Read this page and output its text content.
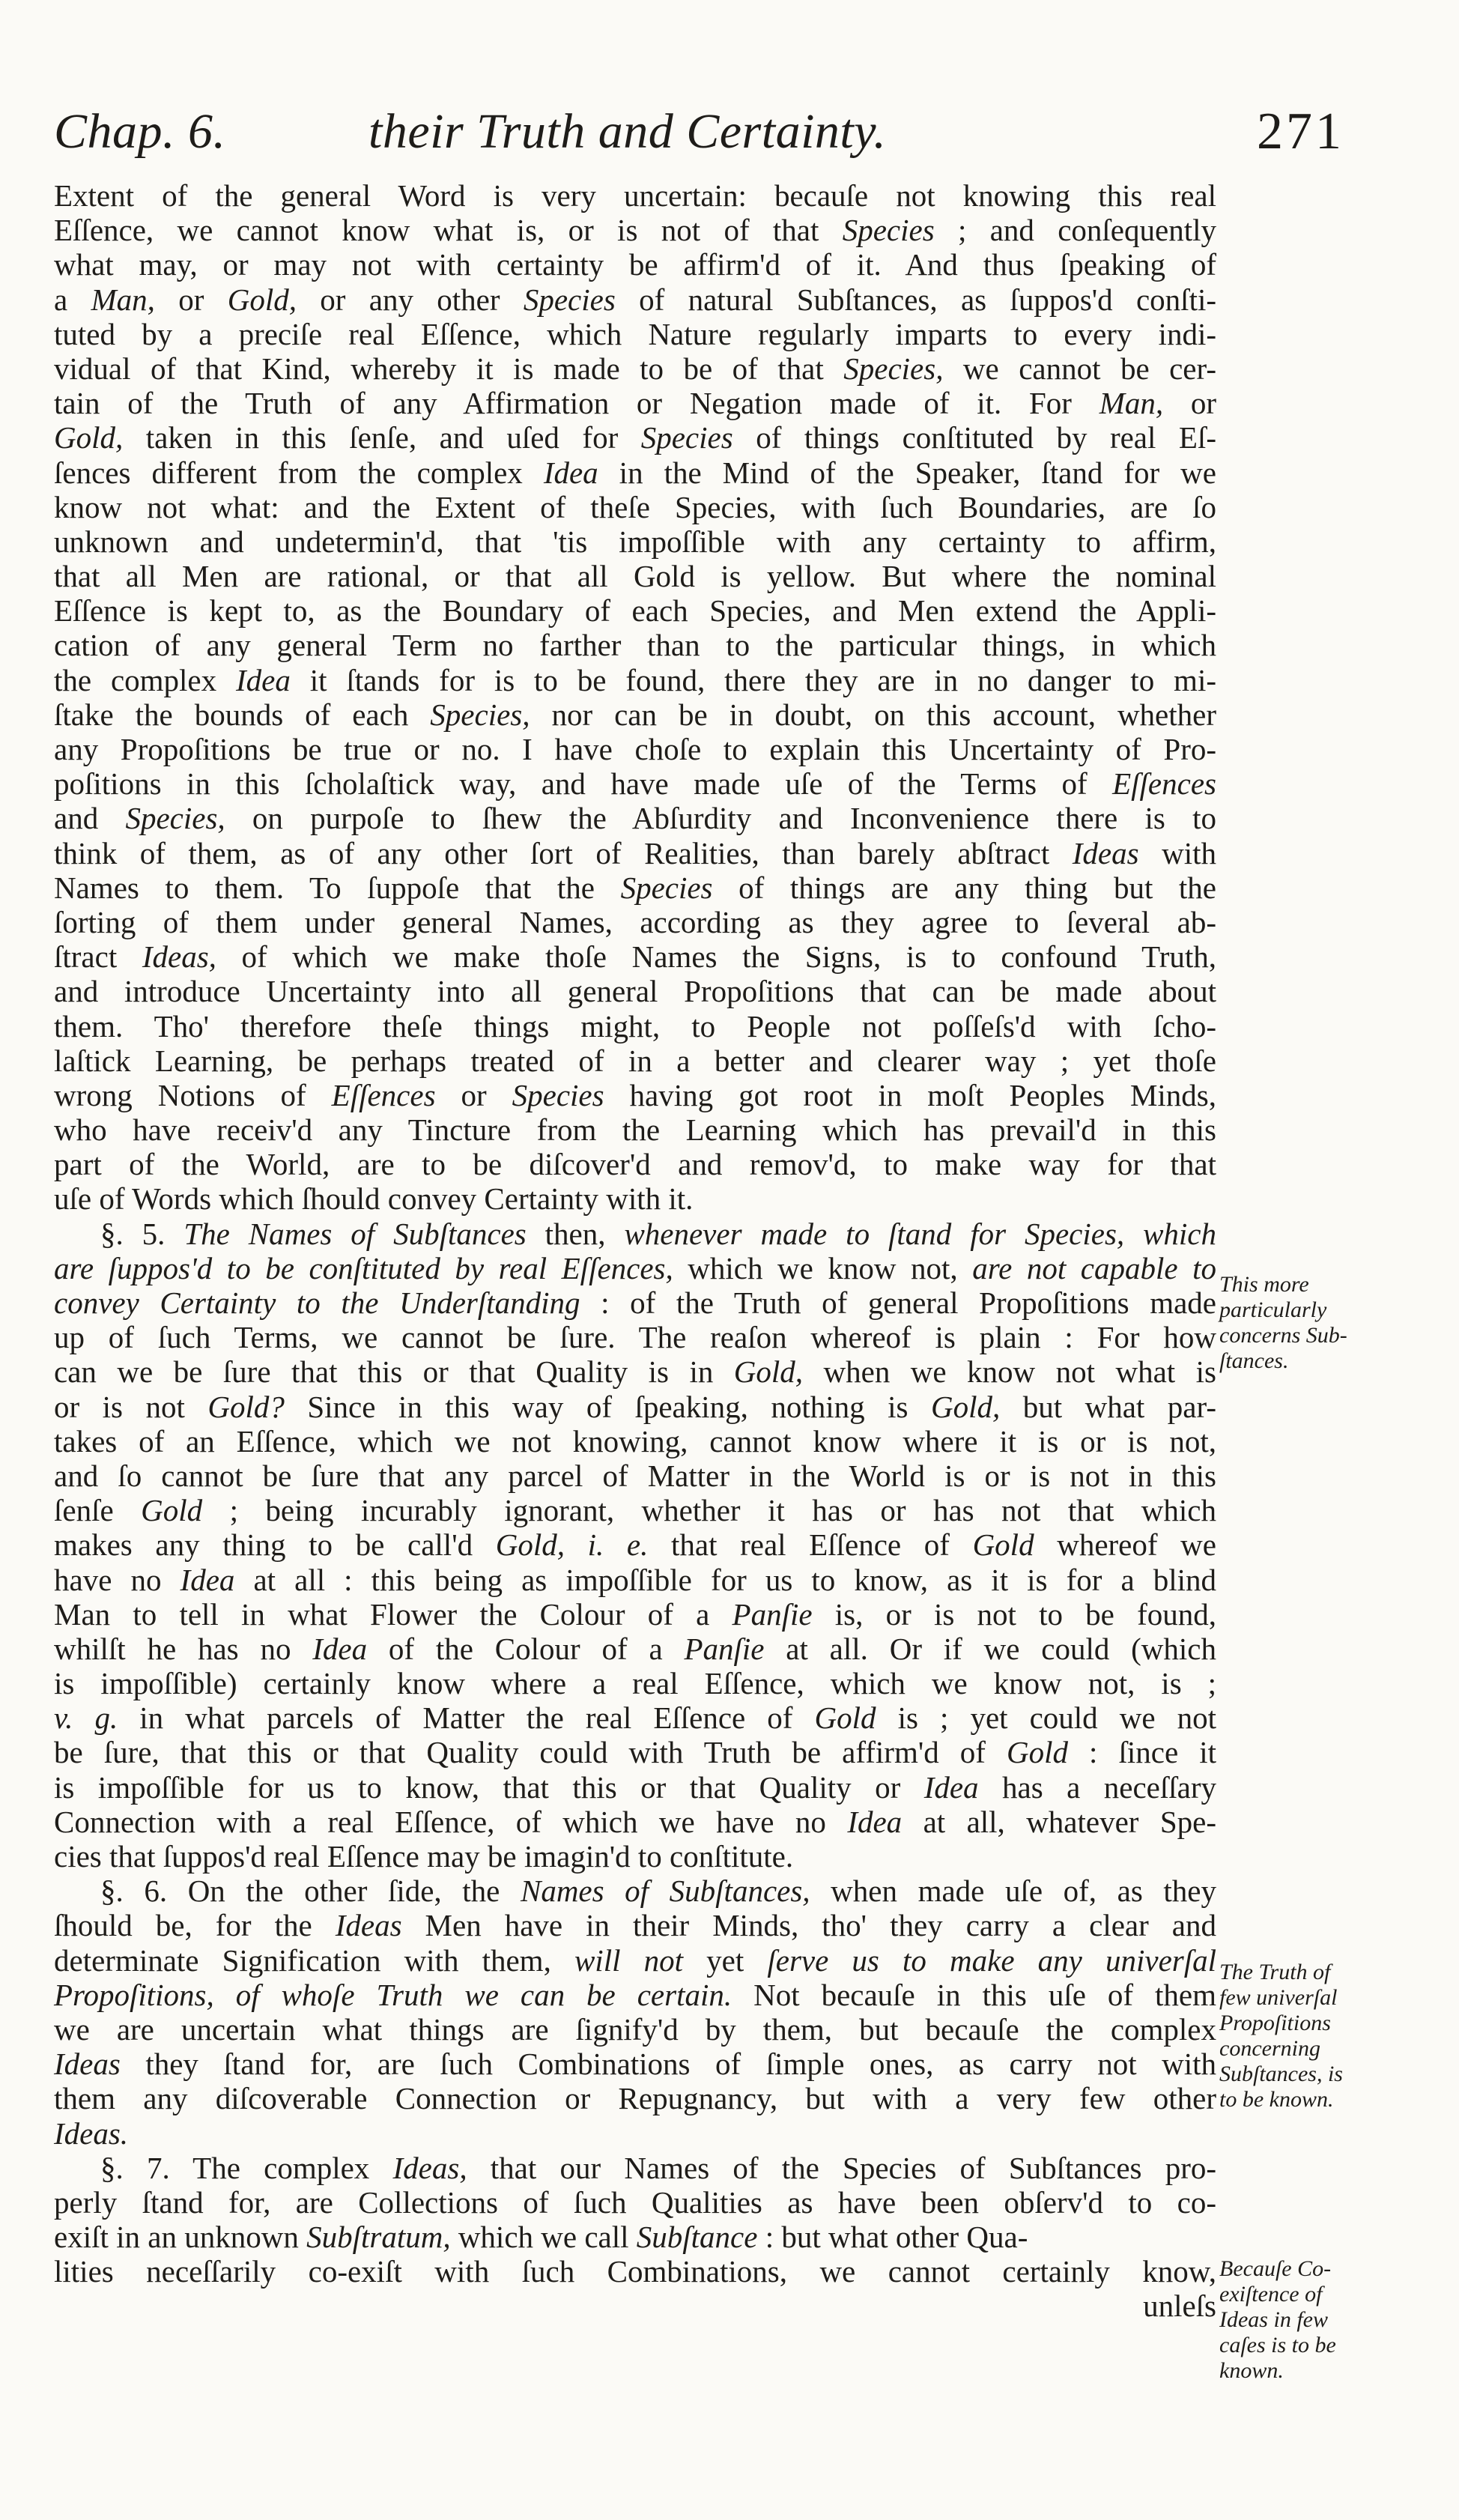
Chap. 6.	their Truth and Certainty.	271
Extent of the general Word is very uncertain: becauſe not knowing this real
Eſſence, we cannot know what is, or is not of that Species ; and conſequently
what may, or may not with certainty be affirm'd of it. And thus ſpeaking of
a Man, or Gold, or any other Species of natural Subſtances, as ſuppos'd conſti-
tuted by a preciſe real Eſſence, which Nature regularly imparts to every indi-
vidual of that Kind, whereby it is made to be of that Species, we cannot be cer-
tain of the Truth of any Affirmation or Negation made of it. For Man, or
Gold, taken in this ſenſe, and uſed for Species of things conſtituted by real Eſ-
ſences different from the complex Idea in the Mind of the Speaker, ſtand for we
know not what: and the Extent of theſe Species, with ſuch Boundaries, are ſo
unknown and undetermin'd, that 'tis impoſſible with any certainty to affirm,
that all Men are rational, or that all Gold is yellow. But where the nominal
Eſſence is kept to, as the Boundary of each Species, and Men extend the Appli-
cation of any general Term no farther than to the particular things, in which
the complex Idea it ſtands for is to be found, there they are in no danger to mi-
ſtake the bounds of each Species, nor can be in doubt, on this account, whether
any Propoſitions be true or no. I have choſe to explain this Uncertainty of Pro-
poſitions in this ſcholaſtick way, and have made uſe of the Terms of Eſſences
and Species, on purpoſe to ſhew the Abſurdity and Inconvenience there is to
think of them, as of any other ſort of Realities, than barely abſtract Ideas with
Names to them. To ſuppoſe that the Species of things are any thing but the
ſorting of them under general Names, according as they agree to ſeveral ab-
ſtract Ideas, of which we make thoſe Names the Signs, is to confound Truth,
and introduce Uncertainty into all general Propoſitions that can be made about
them. Tho' therefore theſe things might, to People not poſſeſs'd with ſcho-
laſtick Learning, be perhaps treated of in a better and clearer way ; yet thoſe
wrong Notions of Eſſences or Species having got root in moſt Peoples Minds,
who have receiv'd any Tincture from the Learning which has prevail'd in this
part of the World, are to be diſcover'd and remov'd, to make way for that
uſe of Words which ſhould convey Certainty with it.
§. 5. The Names of Subſtances then, whenever made to ſtand for Species, which
are ſuppos'd to be conſtituted by real Eſſences, which we know not, are not capable to
convey Certainty to the Underſtanding : of the Truth of general Propoſitions made
up of ſuch Terms, we cannot be ſure. The reaſon whereof is plain : For how
can we be ſure that this or that Quality is in Gold, when we know not what is
or is not Gold? Since in this way of ſpeaking, nothing is Gold, but what par-
takes of an Eſſence, which we not knowing, cannot know where it is or is not,
and ſo cannot be ſure that any parcel of Matter in the World is or is not in this
ſenſe Gold ; being incurably ignorant, whether it has or has not that which
makes any thing to be call'd Gold, i. e. that real Eſſence of Gold whereof we
have no Idea at all : this being as impoſſible for us to know, as it is for a blind
Man to tell in what Flower the Colour of a Panſie is, or is not to be found,
whilſt he has no Idea of the Colour of a Panſie at all. Or if we could (which
is impoſſible) certainly know where a real Eſſence, which we know not, is ;
v. g. in what parcels of Matter the real Eſſence of Gold is ; yet could we not
be ſure, that this or that Quality could with Truth be affirm'd of Gold : ſince it
is impoſſible for us to know, that this or that Quality or Idea has a neceſſary
Connection with a real Eſſence, of which we have no Idea at all, whatever Spe-
cies that ſuppos'd real Eſſence may be imagin'd to conſtitute.
§. 6. On the other ſide, the Names of Subſtances, when made uſe of, as they
ſhould be, for the Ideas Men have in their Minds, tho' they carry a clear and
determinate Signification with them, will not yet ſerve us to make any univerſal
Propoſitions, of whoſe Truth we can be certain. Not becauſe in this uſe of them
we are uncertain what things are ſignify'd by them, but becauſe the complex
Ideas they ſtand for, are ſuch Combinations of ſimple ones, as carry not with
them any diſcoverable Connection or Repugnancy, but with a very few other
Ideas.
§. 7. The complex Ideas, that our Names of the Species of Subſtances pro-
perly ſtand for, are Collections of ſuch Qualities as have been obſerv'd to co-
exiſt in an unknown Subſtratum, which we call Subſtance : but what other Qua-
lities neceſſarily co-exiſt with ſuch Combinations, we cannot certainly know,
unleſs
This more
particularly
concerns Sub-
ſtances.
The Truth of
few univerſal
Propoſitions
concerning
Subſtances, is
to be known.
Becauſe Co-
exiſtence of
Ideas in few
caſes is to be
known.
